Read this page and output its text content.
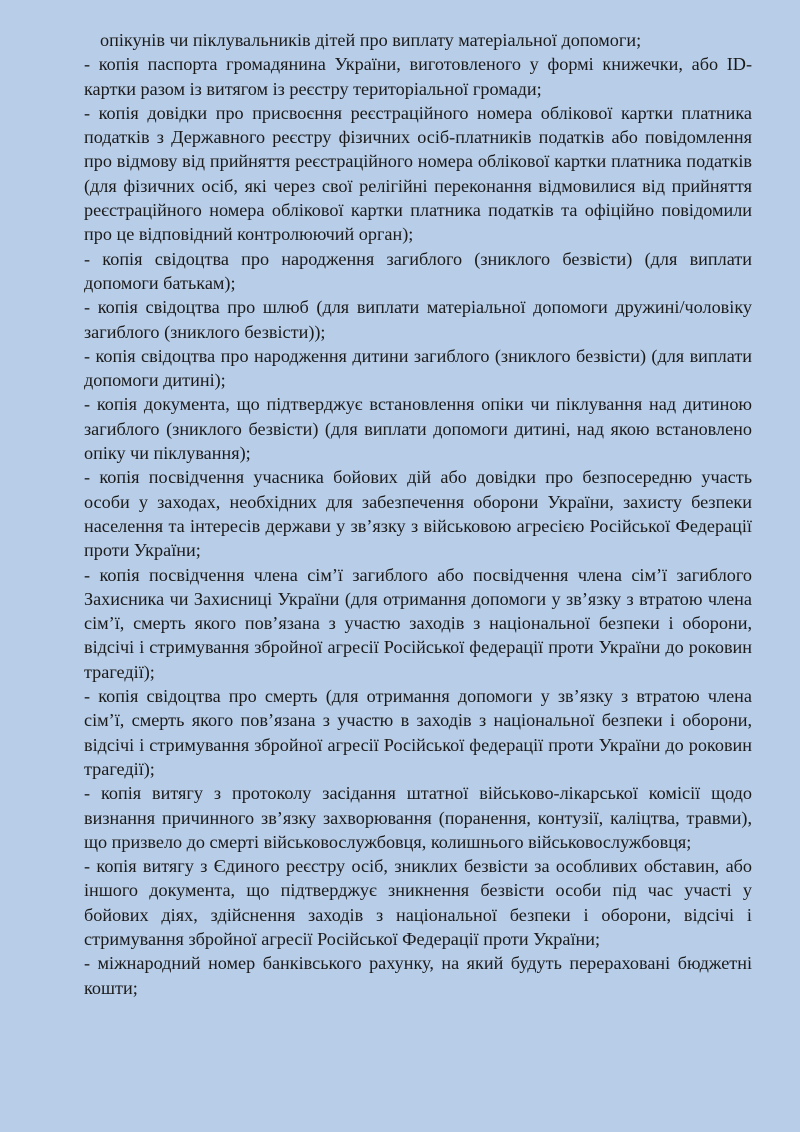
опікунів чи піклувальників дітей про виплату матеріальної допомоги;

- копія паспорта громадянина України, виготовленого у формі книжечки, або ID-картки разом із витягом із реєстру територіальної громади;

- копія довідки про присвоєння реєстраційного номера облікової картки платника податків з Державного реєстру фізичних осіб-платників податків або повідомлення про відмову від прийняття реєстраційного номера облікової картки платника податків (для фізичних осіб, які через свої релігійні переконання відмовилися від прийняття реєстраційного номера облікової картки платника податків та офіційно повідомили про це відповідний контролюючий орган);

- копія свідоцтва про народження загиблого (зниклого безвісти) (для виплати допомоги батькам);

- копія свідоцтва про шлюб (для виплати матеріальної допомоги дружині/чоловіку загиблого (зниклого безвісти));

- копія свідоцтва про народження дитини загиблого (зниклого безвісти) (для виплати допомоги дитині);

- копія документа, що підтверджує встановлення опіки чи піклування над дитиною загиблого (зниклого безвісти) (для виплати допомоги дитині, над якою встановлено опіку чи піклування);

- копія посвідчення учасника бойових дій або довідки про безпосередню участь особи у заходах, необхідних для забезпечення оборони України, захисту безпеки населення та інтересів держави у зв’язку з військовою агресією Російської Федерації проти України;

- копія посвідчення члена сім’ї загиблого або посвідчення члена сім’ї загиблого Захисника чи Захисниці України (для отримання допомоги у зв’язку з втратою члена сім’ї, смерть якого пов’язана з участю заходів з національної безпеки і оборони, відсічі і стримування збройної агресії Російської федерації проти України до роковин трагедії);

- копія свідоцтва про смерть (для отримання допомоги у зв’язку з втратою члена сім’ї, смерть якого пов’язана з участю в заходів з національної безпеки і оборони, відсічі і стримування збройної агресії Російської федерації проти України до роковин трагедії);

- копія витягу з протоколу засідання штатної військово-лікарської комісії щодо визнання причинного зв’язку захворювання (поранення, контузії, каліцтва, травми), що призвело до смерті військовослужбовця, колишнього військовослужбовця;

- копія витягу з Єдиного реєстру осіб, зниклих безвісти за особливих обставин, або іншого документа, що підтверджує зникнення безвісти особи під час участі у бойових діях, здійснення заходів з національної безпеки і оборони, відсічі і стримування збройної агресії Російської Федерації проти України;

- міжнародний номер банківського рахунку, на який будуть перераховані бюджетні кошти;
